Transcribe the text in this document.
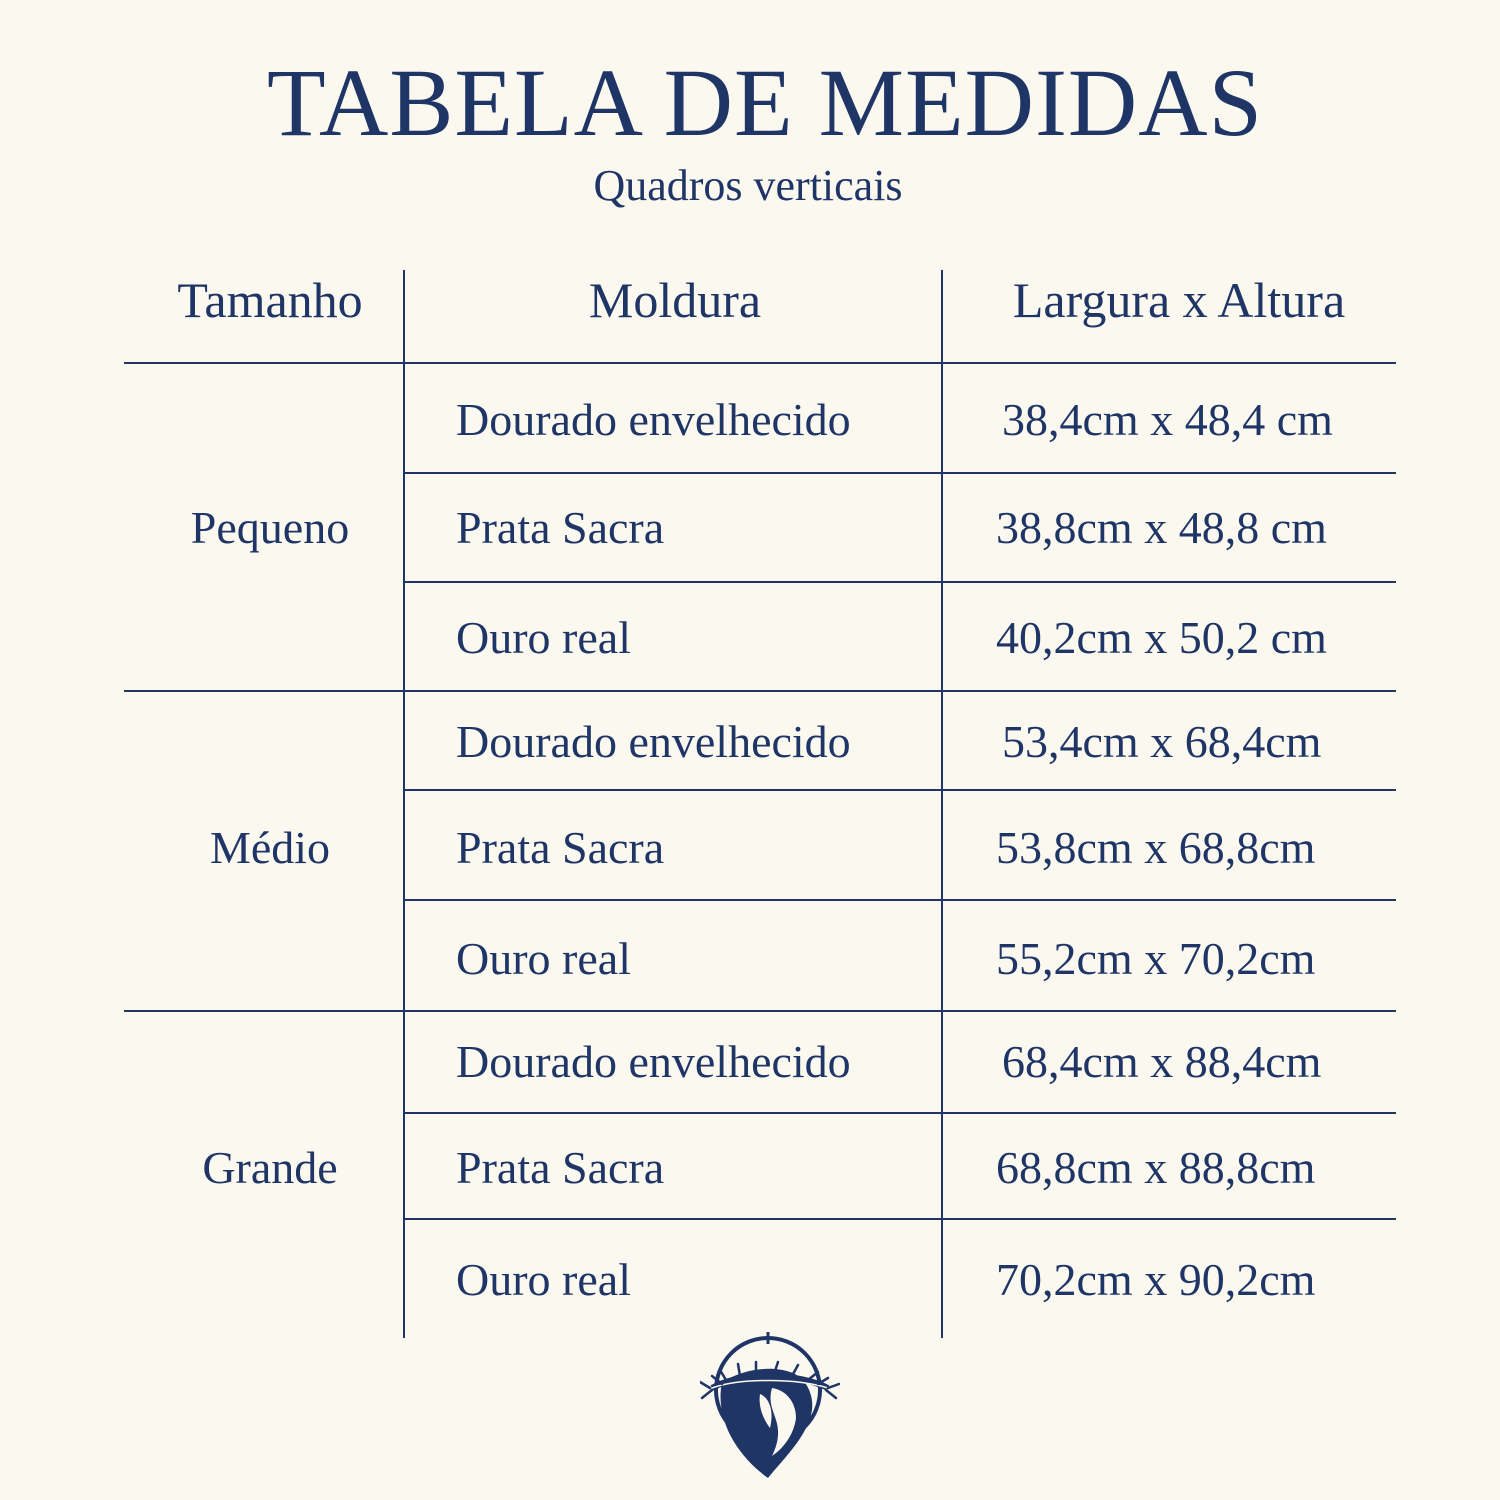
TABELA DE MEDIDAS
Quadros verticais
Tamanho	Moldura	Largura x Altura
Pequeno
Dourado envelhecido	38,4cm x 48,4 cm
Prata Sacra	38,8cm x 48,8 cm
Ouro real	40,2cm x 50,2 cm
Médio
Dourado envelhecido	53,4cm x 68,4cm
Prata Sacra	53,8cm x 68,8cm
Ouro real	55,2cm x 70,2cm
Grande
Dourado envelhecido	68,4cm x 88,4cm
Prata Sacra	68,8cm x 88,8cm
Ouro real	70,2cm x 90,2cm
